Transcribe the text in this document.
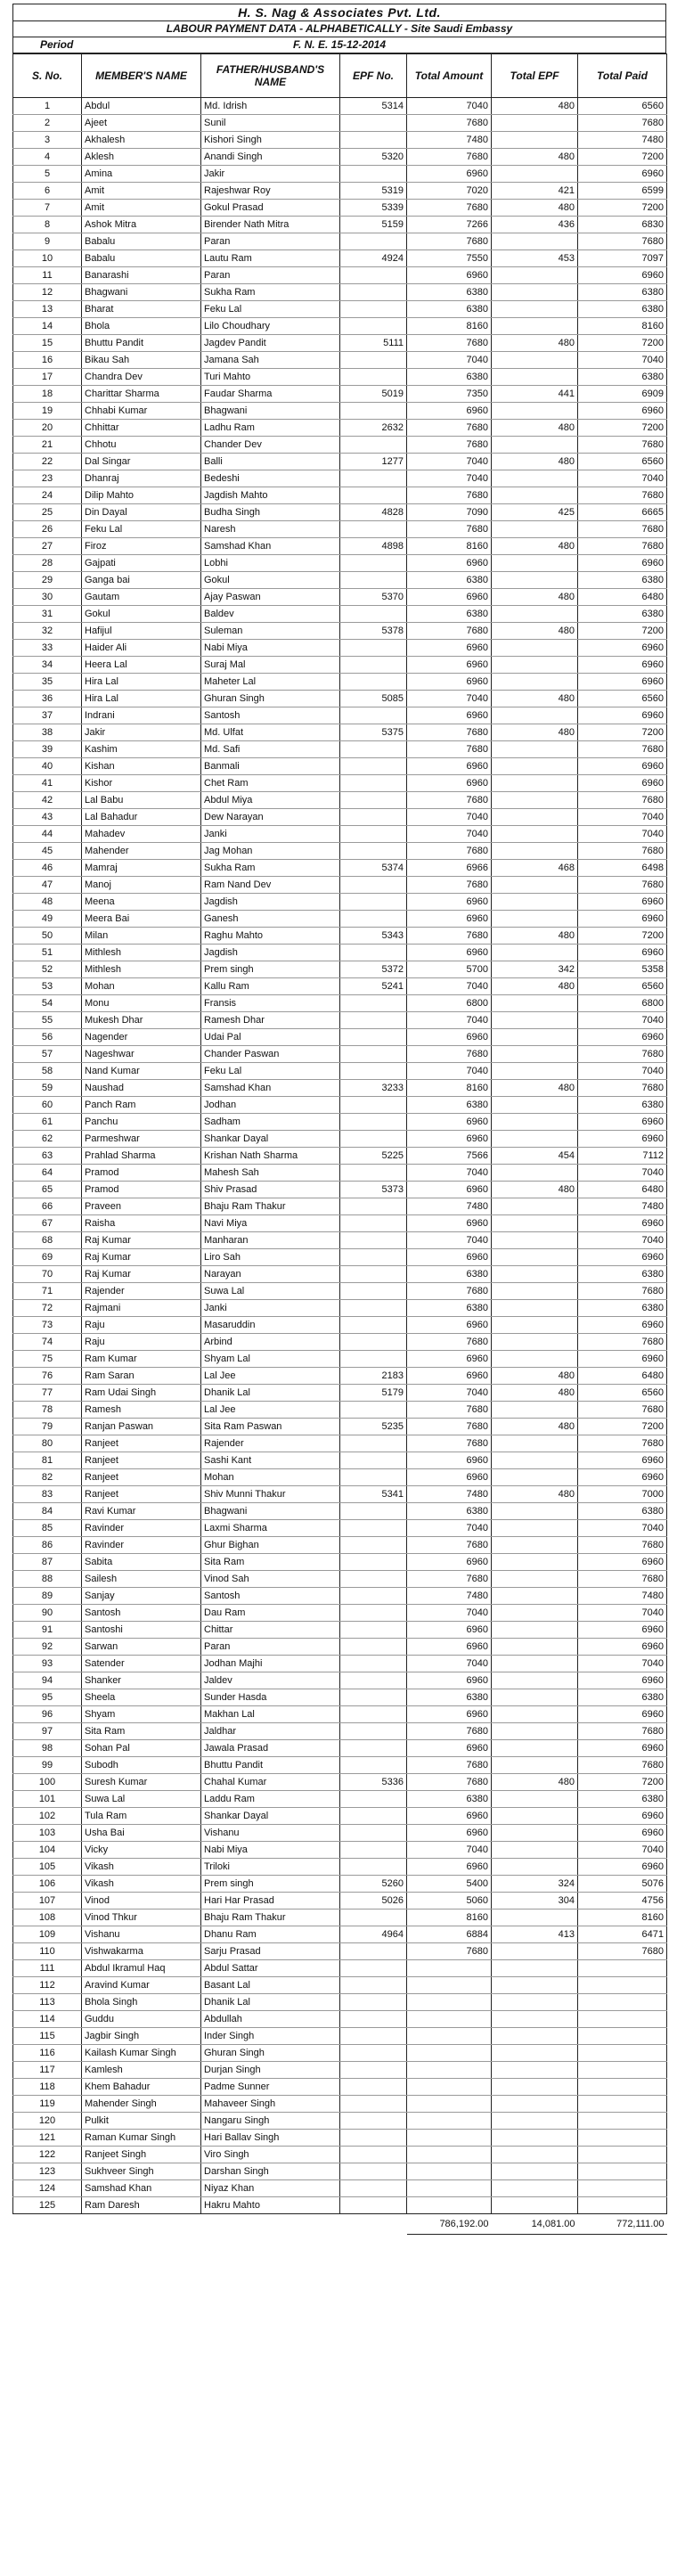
H. S. Nag & Associates Pvt. Ltd.
LABOUR PAYMENT DATA - ALPHABETICALLY - Site Saudi Embassy
Period	F. N. E. 15-12-2014
S. No.	MEMBER'S NAME	FATHER/HUSBAND'S NAME	EPF No.	Total Amount	Total EPF	Total Paid
1	Abdul	Md. Idrish	5314	7040	480	6560
2	Ajeet	Sunil		7680		7680
3	Akhalesh	Kishori Singh		7480		7480
4	Aklesh	Anandi Singh	5320	7680	480	7200
5	Amina	Jakir		6960		6960
6	Amit	Rajeshwar Roy	5319	7020	421	6599
7	Amit	Gokul Prasad	5339	7680	480	7200
8	Ashok Mitra	Birender Nath Mitra	5159	7266	436	6830
9	Babalu	Paran		7680		7680
10	Babalu	Lautu Ram	4924	7550	453	7097
11	Banarashi	Paran		6960		6960
12	Bhagwani	Sukha Ram		6380		6380
13	Bharat	Feku Lal		6380		6380
14	Bhola	Lilo Choudhary		8160		8160
15	Bhuttu Pandit	Jagdev Pandit	5111	7680	480	7200
16	Bikau Sah	Jamana Sah		7040		7040
17	Chandra Dev	Turi Mahto		6380		6380
18	Charittar Sharma	Faudar Sharma	5019	7350	441	6909
19	Chhabi Kumar	Bhagwani		6960		6960
20	Chhittar	Ladhu Ram	2632	7680	480	7200
21	Chhotu	Chander Dev		7680		7680
22	Dal Singar	Balli	1277	7040	480	6560
23	Dhanraj	Bedeshi		7040		7040
24	Dilip Mahto	Jagdish Mahto		7680		7680
25	Din Dayal	Budha Singh	4828	7090	425	6665
26	Feku Lal	Naresh		7680		7680
27	Firoz	Samshad Khan	4898	8160	480	7680
28	Gajpati	Lobhi		6960		6960
29	Ganga bai	Gokul		6380		6380
30	Gautam	Ajay Paswan	5370	6960	480	6480
31	Gokul	Baldev		6380		6380
32	Hafijul	Suleman	5378	7680	480	7200
33	Haider Ali	Nabi Miya		6960		6960
34	Heera Lal	Suraj Mal		6960		6960
35	Hira Lal	Maheter Lal		6960		6960
36	Hira Lal	Ghuran Singh	5085	7040	480	6560
37	Indrani	Santosh		6960		6960
38	Jakir	Md. Ulfat	5375	7680	480	7200
39	Kashim	Md. Safi		7680		7680
40	Kishan	Banmali		6960		6960
41	Kishor	Chet Ram		6960		6960
42	Lal Babu	Abdul Miya		7680		7680
43	Lal Bahadur	Dew Narayan		7040		7040
44	Mahadev	Janki		7040		7040
45	Mahender	Jag Mohan		7680		7680
46	Mamraj	Sukha Ram	5374	6966	468	6498
47	Manoj	Ram Nand Dev		7680		7680
48	Meena	Jagdish		6960		6960
49	Meera Bai	Ganesh		6960		6960
50	Milan	Raghu Mahto	5343	7680	480	7200
51	Mithlesh	Jagdish		6960		6960
52	Mithlesh	Prem singh	5372	5700	342	5358
53	Mohan	Kallu Ram	5241	7040	480	6560
54	Monu	Fransis		6800		6800
55	Mukesh Dhar	Ramesh Dhar		7040		7040
56	Nagender	Udai Pal		6960		6960
57	Nageshwar	Chander Paswan		7680		7680
58	Nand Kumar	Feku Lal		7040		7040
59	Naushad	Samshad Khan	3233	8160	480	7680
60	Panch Ram	Jodhan		6380		6380
61	Panchu	Sadham		6960		6960
62	Parmeshwar	Shankar Dayal		6960		6960
63	Prahlad Sharma	Krishan Nath Sharma	5225	7566	454	7112
64	Pramod	Mahesh Sah		7040		7040
65	Pramod	Shiv Prasad	5373	6960	480	6480
66	Praveen	Bhaju Ram Thakur		7480		7480
67	Raisha	Navi Miya		6960		6960
68	Raj Kumar	Manharan		7040		7040
69	Raj Kumar	Liro Sah		6960		6960
70	Raj Kumar	Narayan		6380		6380
71	Rajender	Suwa Lal		7680		7680
72	Rajmani	Janki		6380		6380
73	Raju	Masaruddin		6960		6960
74	Raju	Arbind		7680		7680
75	Ram Kumar	Shyam Lal		6960		6960
76	Ram Saran	Lal Jee	2183	6960	480	6480
77	Ram Udai Singh	Dhanik Lal	5179	7040	480	6560
78	Ramesh	Lal Jee		7680		7680
79	Ranjan Paswan	Sita Ram Paswan	5235	7680	480	7200
80	Ranjeet	Rajender		7680		7680
81	Ranjeet	Sashi Kant		6960		6960
82	Ranjeet	Mohan		6960		6960
83	Ranjeet	Shiv Munni Thakur	5341	7480	480	7000
84	Ravi Kumar	Bhagwani		6380		6380
85	Ravinder	Laxmi Sharma		7040		7040
86	Ravinder	Ghur Bighan		7680		7680
87	Sabita	Sita Ram		6960		6960
88	Sailesh	Vinod Sah		7680		7680
89	Sanjay	Santosh		7480		7480
90	Santosh	Dau Ram		7040		7040
91	Santoshi	Chittar		6960		6960
92	Sarwan	Paran		6960		6960
93	Satender	Jodhan Majhi		7040		7040
94	Shanker	Jaldev		6960		6960
95	Sheela	Sunder Hasda		6380		6380
96	Shyam	Makhan Lal		6960		6960
97	Sita Ram	Jaldhar		7680		7680
98	Sohan Pal	Jawala Prasad		6960		6960
99	Subodh	Bhuttu Pandit		7680		7680
100	Suresh Kumar	Chahal Kumar	5336	7680	480	7200
101	Suwa Lal	Laddu Ram		6380		6380
102	Tula Ram	Shankar Dayal		6960		6960
103	Usha Bai	Vishanu		6960		6960
104	Vicky	Nabi Miya		7040		7040
105	Vikash	Triloki		6960		6960
106	Vikash	Prem singh	5260	5400	324	5076
107	Vinod	Hari Har Prasad	5026	5060	304	4756
108	Vinod Thkur	Bhaju Ram Thakur		8160		8160
109	Vishanu	Dhanu Ram	4964	6884	413	6471
110	Vishwakarma	Sarju Prasad		7680		7680
111	Abdul Ikramul Haq	Abdul Sattar				
112	Aravind Kumar	Basant Lal				
113	Bhola Singh	Dhanik Lal				
114	Guddu	Abdullah				
115	Jagbir Singh	Inder Singh				
116	Kailash Kumar Singh	Ghuran Singh				
117	Kamlesh	Durjan Singh				
118	Khem Bahadur	Padme Sunner				
119	Mahender Singh	Mahaveer Singh				
120	Pulkit	Nangaru Singh				
121	Raman Kumar Singh	Hari Ballav Singh				
122	Ranjeet Singh	Viro Singh				
123	Sukhveer Singh	Darshan Singh				
124	Samshad Khan	Niyaz Khan				
125	Ram Daresh	Hakru Mahto				
				786,192.00	14,081.00	772,111.00
